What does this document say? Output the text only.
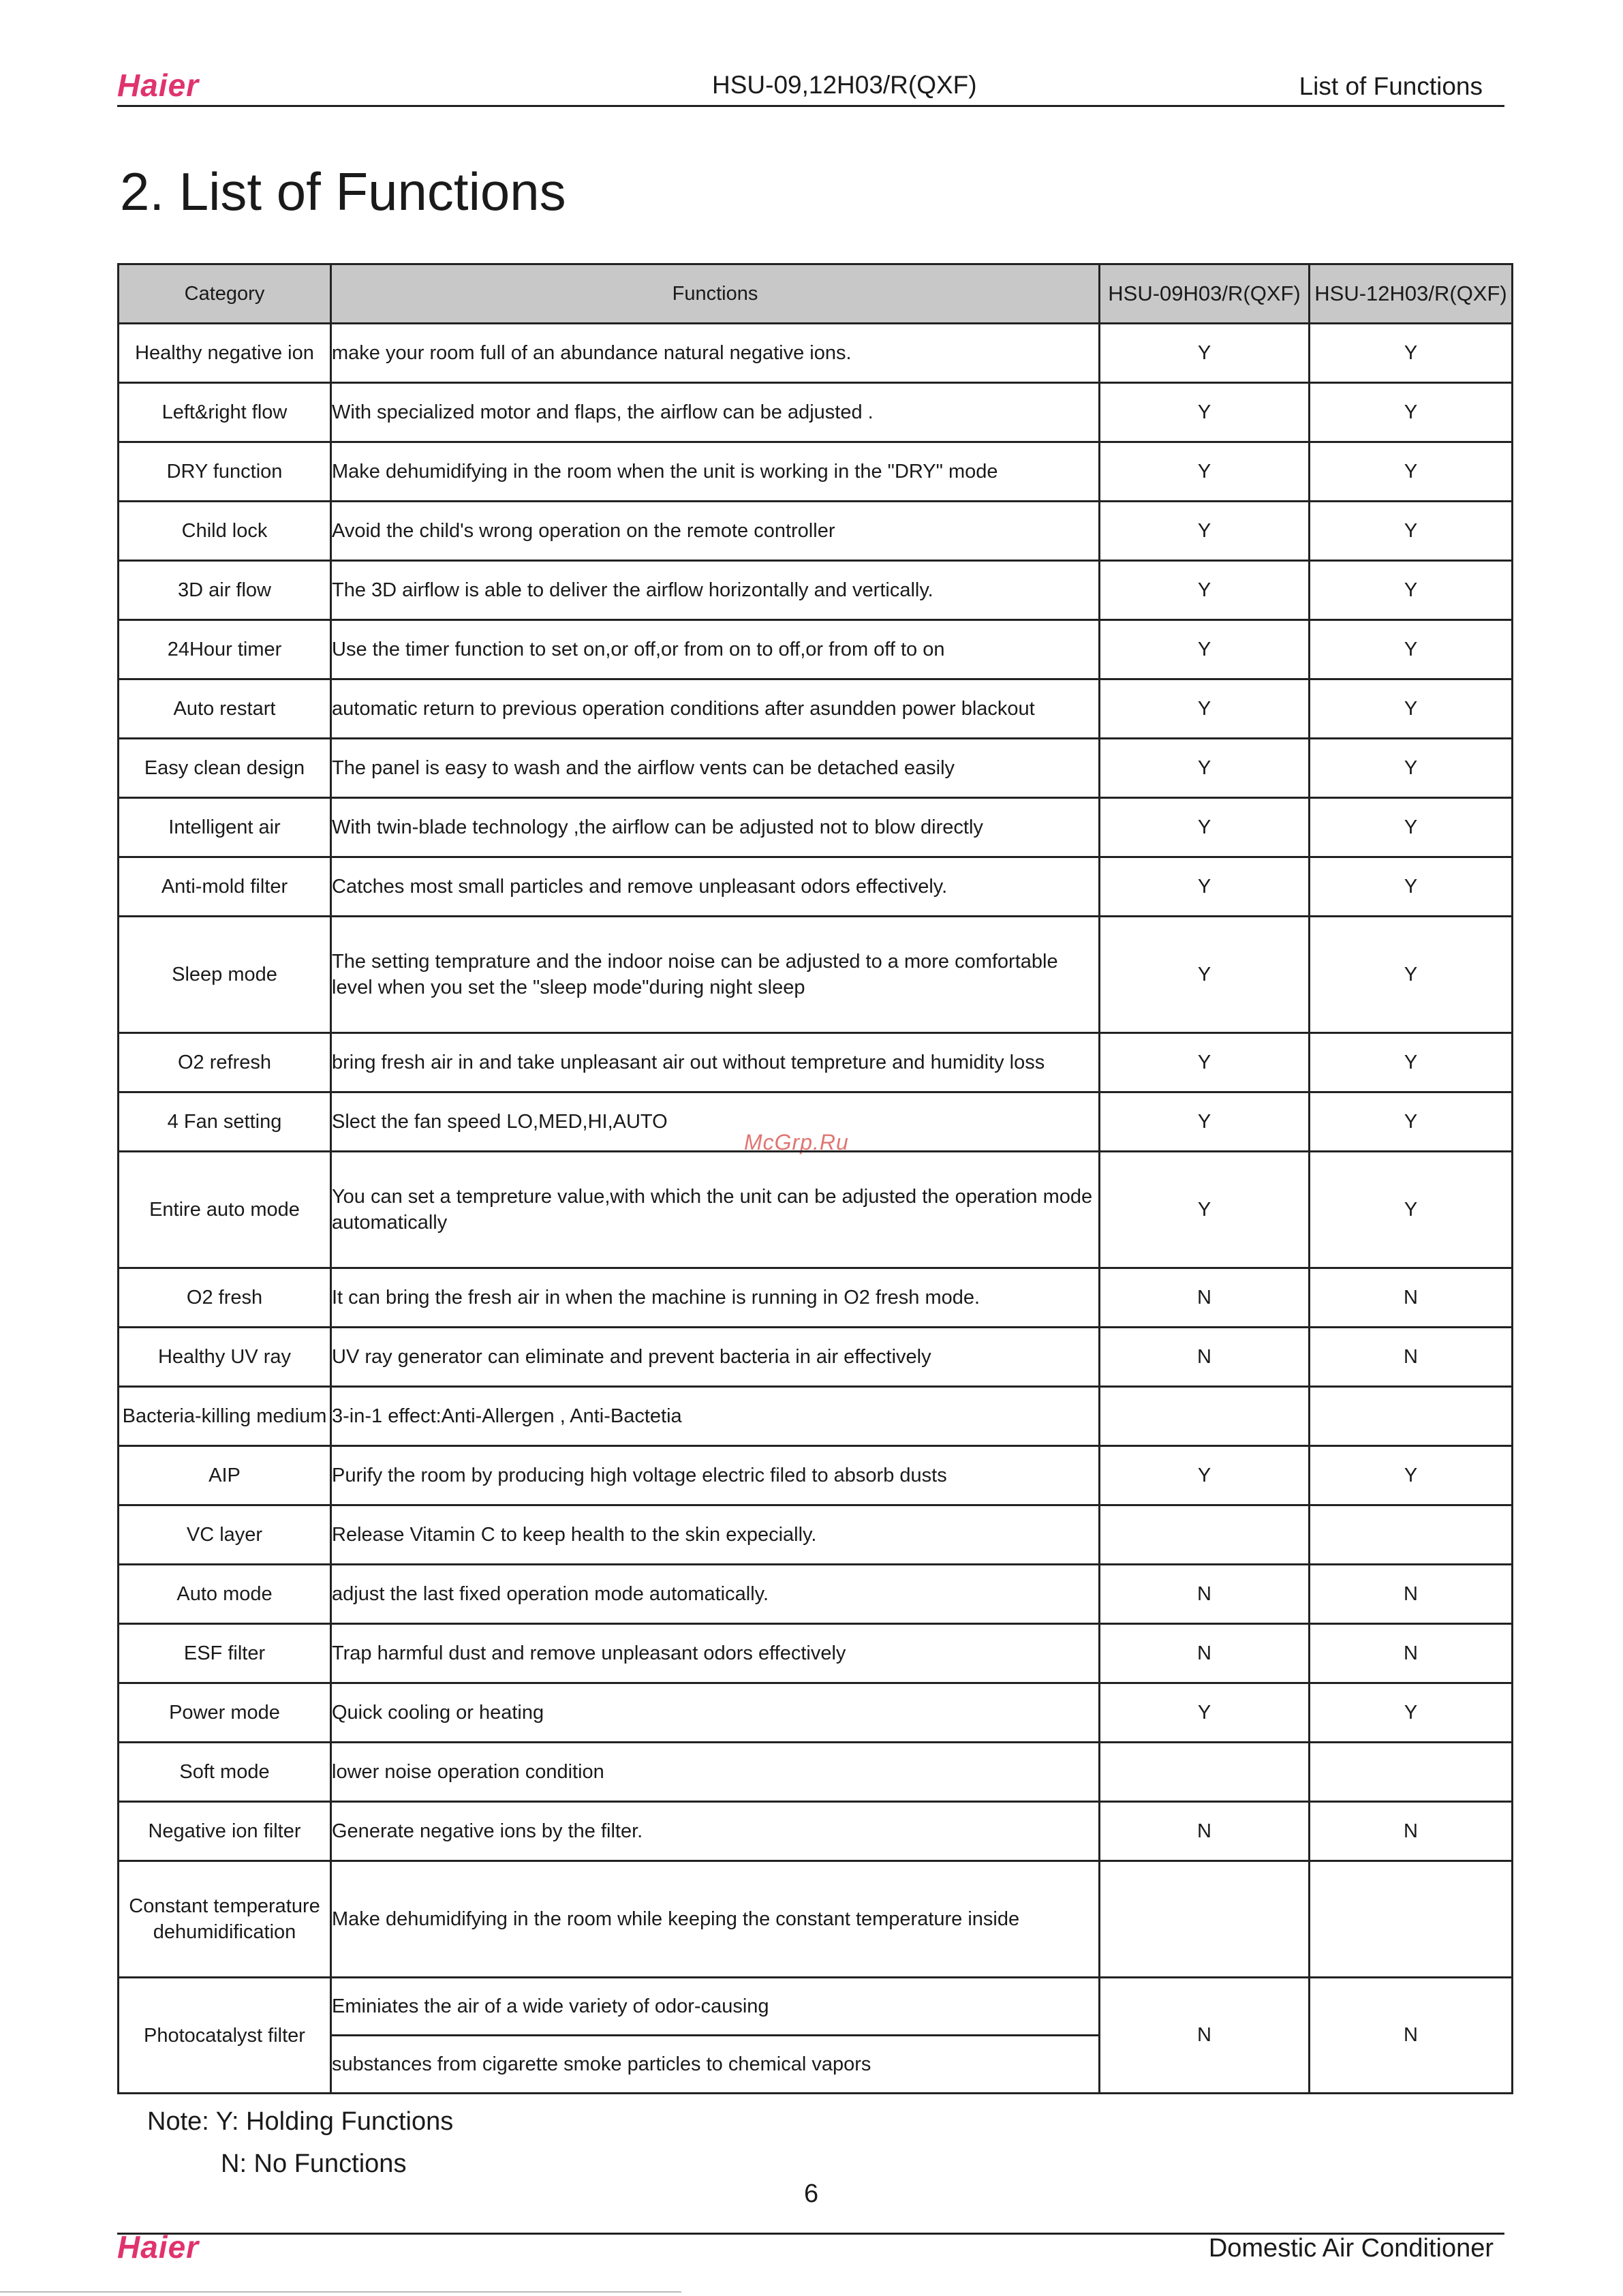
Haier	HSU-09,12H03/R(QXF)	List of Functions
2. List of Functions
McGrp.Ru
Category	Functions	HSU-09H03/R(QXF)	HSU-12H03/R(QXF)
Healthy negative ion	make your room full of an abundance natural negative ions.	Y	Y
Left&right flow	With specialized motor and flaps, the airflow can be adjusted .	Y	Y
DRY function	Make dehumidifying in the room when the unit is working in the "DRY" mode	Y	Y
Child lock	Avoid the child's wrong operation on the remote controller	Y	Y
3D air flow	The 3D airflow is able to deliver the airflow horizontally and vertically.	Y	Y
24Hour timer	Use the timer function to set on,or off,or from on to off,or from off to on	Y	Y
Auto restart	automatic return to previous operation conditions after asundden power blackout	Y	Y
Easy clean design	The panel is easy to wash and the airflow vents can be detached easily	Y	Y
Intelligent air	With twin-blade technology ,the airflow can be adjusted not to blow directly	Y	Y
Anti-mold filter	Catches most small particles and remove unpleasant odors effectively.	Y	Y
Sleep mode	The setting temprature and the indoor noise can be adjusted to a more comfortable level when you set the "sleep mode"during night sleep	Y	Y
O2 refresh	bring fresh air in and take unpleasant air out without tempreture and humidity loss	Y	Y
4 Fan setting	Slect the fan speed LO,MED,HI,AUTO	Y	Y
Entire auto mode	You can set a tempreture value,with which the unit can be adjusted the operation mode automatically	Y	Y
O2 fresh	It can bring the fresh air in when the machine is running in O2 fresh mode.	N	N
Healthy UV ray	UV ray generator can eliminate and prevent bacteria in air effectively	N	N
Bacteria-killing medium	3-in-1 effect:Anti-Allergen , Anti-Bactetia		
AIP	Purify the room by producing high voltage electric filed to absorb dusts	Y	Y
VC layer	Release Vitamin C to keep health to the skin expecially.		
Auto mode	adjust the last fixed operation mode automatically.	N	N
ESF filter	Trap harmful dust and remove unpleasant odors effectively	N	N
Power mode	Quick cooling or heating	Y	Y
Soft mode	lower noise operation condition		
Negative ion filter	Generate negative ions by the filter.	N	N
Constant temperature dehumidification	Make dehumidifying in the room while keeping the constant temperature inside		
Photocatalyst filter	Eminiates the air of a wide variety of odor-causing	N	N
	substances from cigarette smoke particles to chemical vapors		
Note: Y: Holding Functions
N: No Functions
6
Haier	Domestic Air Conditioner
